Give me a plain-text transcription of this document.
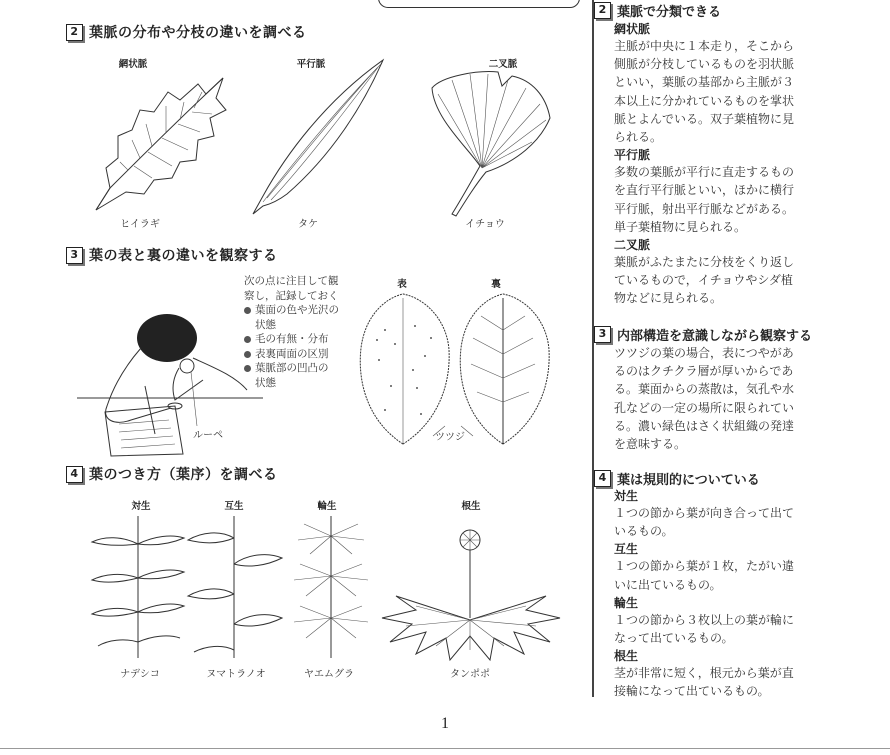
2 葉脈の分布や分枝の違いを調べる
網状脈	平行脈	二叉脈
ヒイラギ	タケ	イチョウ
3 葉の表と裏の違いを観察する
ルーペ
次の点に注目して観
察し，記録しておく
葉面の色や光沢の
状態
毛の有無・分布
表裏両面の区別
葉脈部の凹凸の
状態
表	裏
ツツジ
4 葉のつき方（葉序）を調べる
対生	互生	輪生	根生
ナデシコ	ヌマトラノオ	ヤエムグラ	タンポポ
2 葉脈で分類できる
網状脈
主脈が中央に１本走り，そこから
側脈が分枝しているものを羽状脈
といい，葉脈の基部から主脈が３
本以上に分かれているものを掌状
脈とよんでいる。双子葉植物に見
られる。
平行脈
多数の葉脈が平行に直走するもの
を直行平行脈といい，ほかに横行
平行脈，射出平行脈などがある。
単子葉植物に見られる。
二叉脈
葉脈がふたまたに分枝をくり返し
ているもので，イチョウやシダ植
物などに見られる。
3 内部構造を意識しながら観察する
ツツジの葉の場合，表につやがあ
るのはクチクラ層が厚いからであ
る。葉面からの蒸散は，気孔や水
孔などの一定の場所に限られてい
る。濃い緑色はさく状組織の発達
を意味する。
4 葉は規則的についている
対生
１つの節から葉が向き合って出て
いるもの。
互生
１つの節から葉が１枚，たがい違
いに出ているもの。
輪生
１つの節から３枚以上の葉が輪に
なって出ているもの。
根生
茎が非常に短く，根元から葉が直
接輪になって出ているもの。
1
